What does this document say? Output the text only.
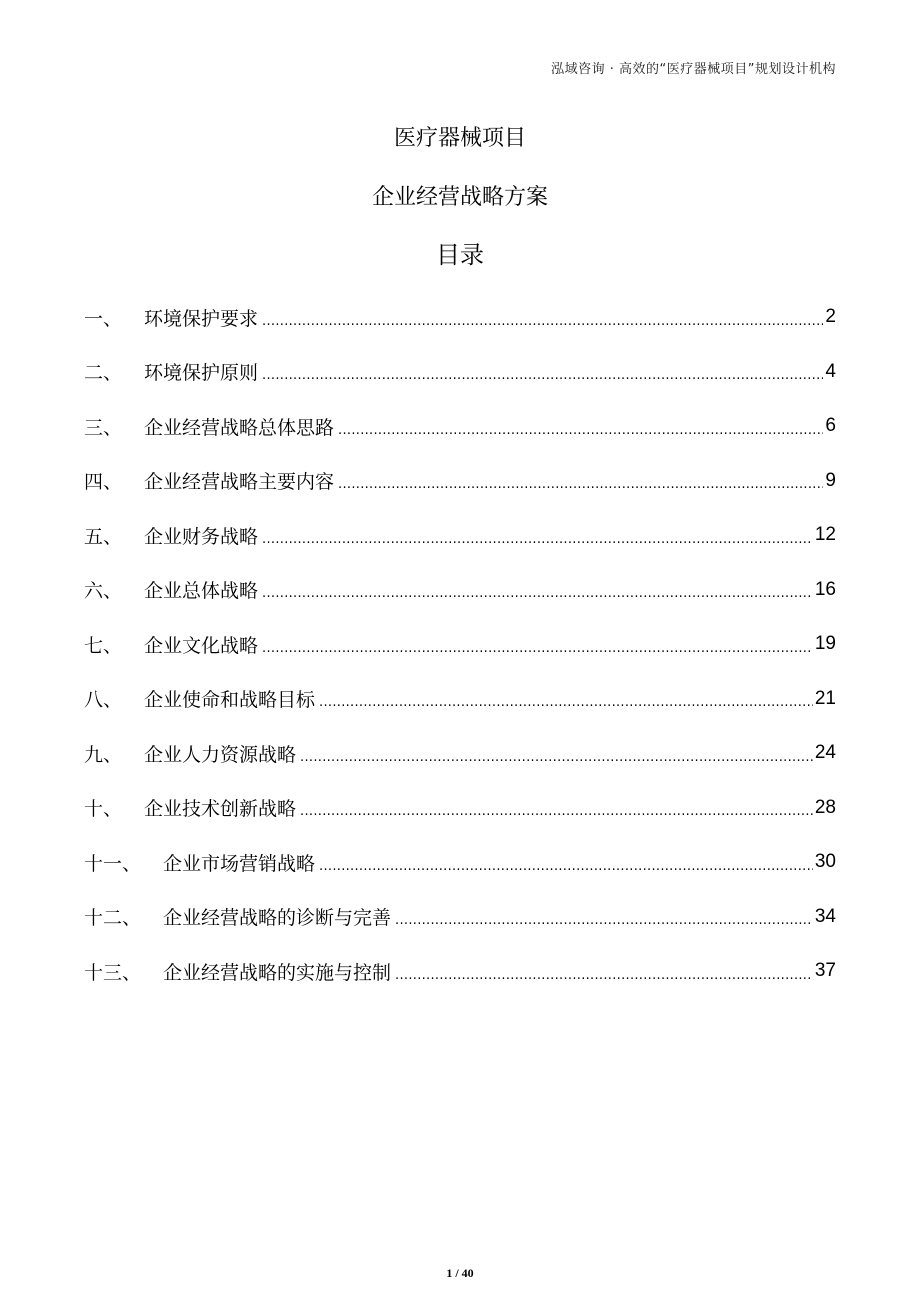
泓域咨询 · 高效的“医疗器械项目”规划设计机构
医疗器械项目
企业经营战略方案
目录
一、 环境保护要求 .....	2
二、 环境保护原则 .....	4
三、 企业经营战略总体思路 .....	6
四、 企业经营战略主要内容 .....	9
五、 企业财务战略 .....	12
六、 企业总体战略 .....	16
七、 企业文化战略 .....	19
八、 企业使命和战略目标 .....	21
九、 企业人力资源战略 .....	24
十、 企业技术创新战略 .....	28
十一、 企业市场营销战略 .....	30
十二、 企业经营战略的诊断与完善 .....	34
十三、 企业经营战略的实施与控制 .....	37
1 / 40
